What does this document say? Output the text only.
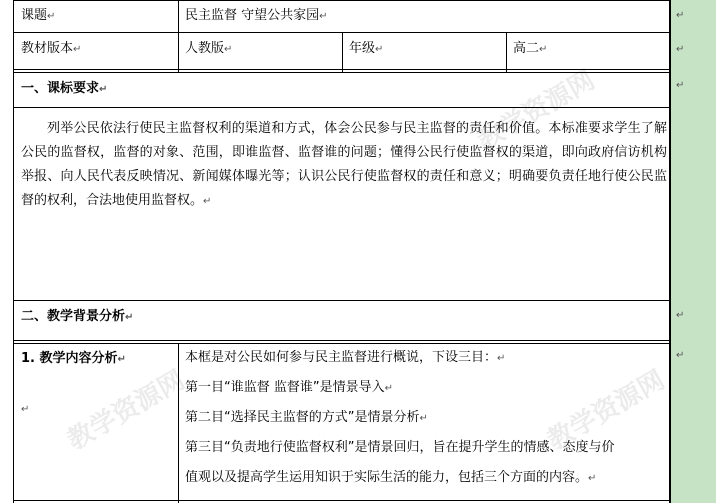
↵
↵
↵
↵
↵
课题↵	民主监督 守望公共家园↵
教材版本↵	人教版↵	年级↵	高二↵
一、课标要求↵
列举公民依法行使民主监督权利的渠道和方式，体会公民参与民主监督的责任和价值。本标准要求学生了解公民的监督权，监督的对象、范围，即谁监督、监督谁的问题；懂得公民行使监督权的渠道，即向政府信访机构举报、向人民代表反映情况、新闻媒体曝光等；认识公民行使监督权的责任和意义；明确要负责任地行使公民监督的权利，合法地使用监督权。↵
二、教学背景分析↵
1. 教学内容分析↵
↵

本框是对公民如何参与民主监督进行概说，下设三目：↵

第一目“谁监督 监督谁”是情景导入↵

第二目“选择民主监督的方式”是情景分析↵

第三目“负责地行使监督权利”是情景回归，旨在提升学生的情感、态度与价

值观以及提高学生运用知识于实际生活的能力，包括三个方面的内容。↵
